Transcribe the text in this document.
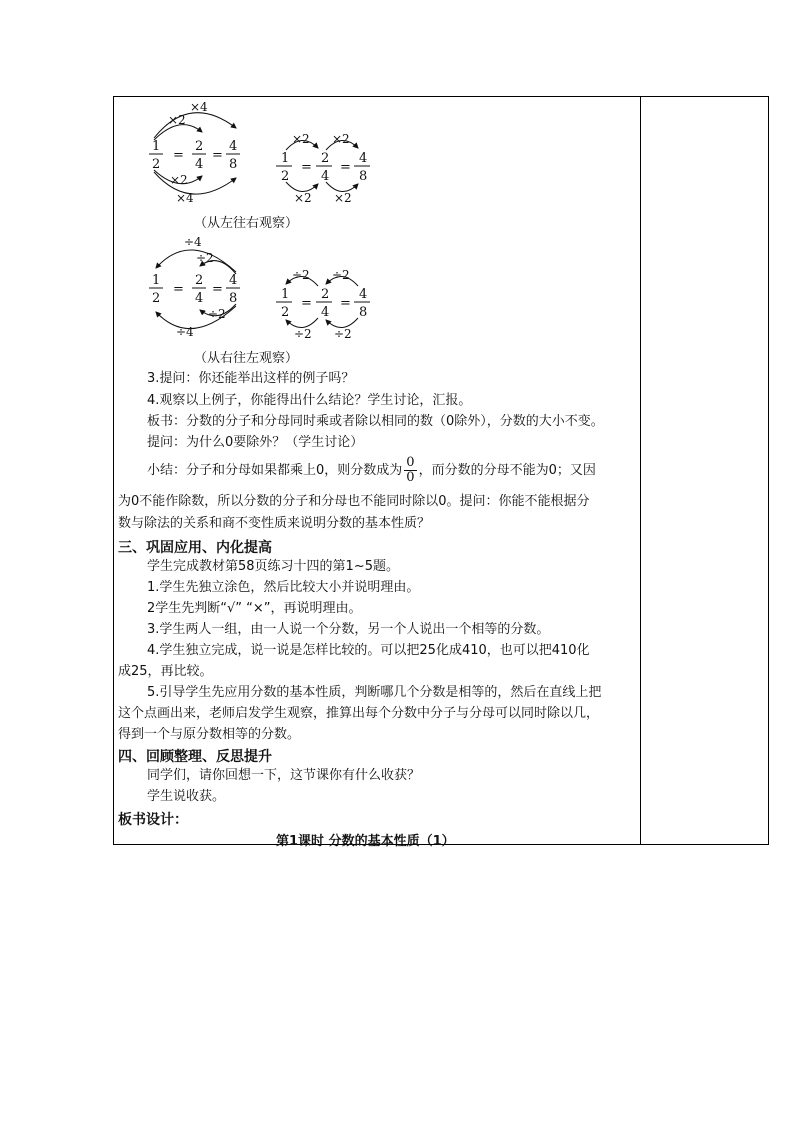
×4
×2
×2
×4
1
2
=
2
4
=
4
8
×2 ×2
×2 ×2
1
2
=
2
4
=
4
8
（从左往右观察）
÷4
÷2
÷2
÷4
1
2
=
2
4
=
4
8
÷2 ÷2
÷2 ÷2
1
2
=
2
4
=
4
8
（从右往左观察）
3.提问：你还能举出这样的例子吗？
4.观察以上例子，你能得出什么结论？学生讨论，汇报。
板书：分数的分子和分母同时乘或者除以相同的数（0除外），分数的大小不变。
提问：为什么0要除外？（学生讨论）
小结：分子和分母如果都乘上0，则分数成为 $\frac{0}{0}$ ，而分数的分母不能为0；又因
为0不能作除数，所以分数的分子和分母也不能同时除以0。提问：你能不能根据分
数与除法的关系和商不变性质来说明分数的基本性质？
三、巩固应用、内化提高
学生完成教材第58页练习十四的第1~5题。
1.学生先独立涂色，然后比较大小并说明理由。
2学生先判断“√” “×”，再说明理由。
3.学生两人一组，由一人说一个分数，另一个人说出一个相等的分数。
4.学生独立完成，说一说是怎样比较的。可以把25化成410，也可以把410化
成25，再比较。
5.引导学生先应用分数的基本性质，判断哪几个分数是相等的，然后在直线上把
这个点画出来，老师启发学生观察，推算出每个分数中分子与分母可以同时除以几，
得到一个与原分数相等的分数。
四、回顾整理、反思提升
同学们，请你回想一下，这节课你有什么收获？
学生说收获。
板书设计：
第1课时 分数的基本性质（1）
